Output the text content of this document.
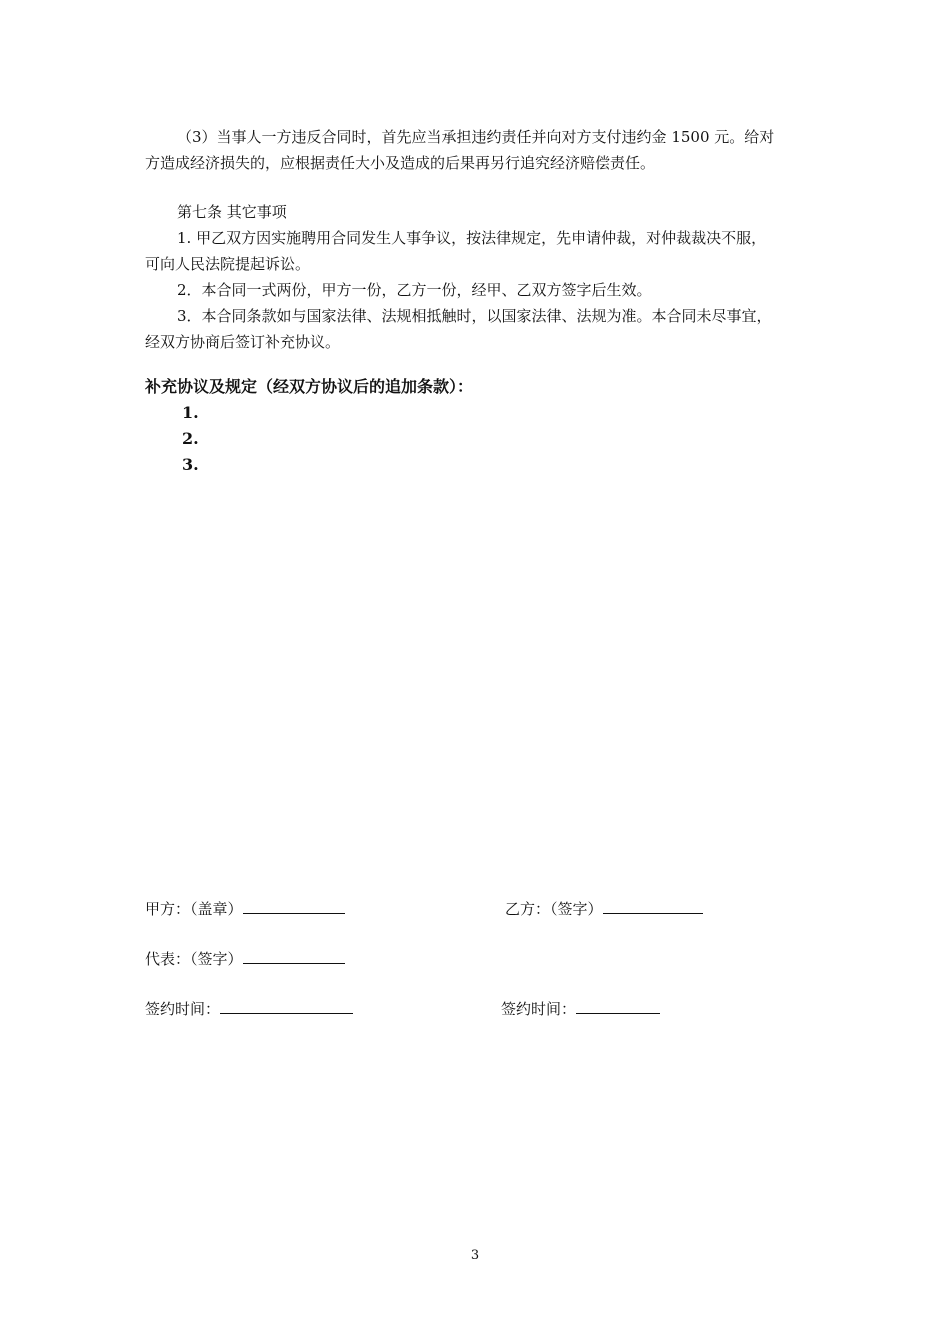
（3）当事人一方违反合同时，首先应当承担违约责任并向对方支付违约金 1500 元。给对

方造成经济损失的，应根据责任大小及造成的后果再另行追究经济赔偿责任。

第七条 其它事项

1. 甲乙双方因实施聘用合同发生人事争议，按法律规定，先申请仲裁，对仲裁裁决不服，

可向人民法院提起诉讼。

2．本合同一式两份，甲方一份，乙方一份，经甲、乙双方签字后生效。

3．本合同条款如与国家法律、法规相抵触时，以国家法律、法规为准。本合同未尽事宜，

经双方协商后签订补充协议。

补充协议及规定（经双方协议后的追加条款）：
1.
2.
3.
甲方：（盖章）	乙方：（签字）
代表：（签字）
签约时间：	签约时间：
3
